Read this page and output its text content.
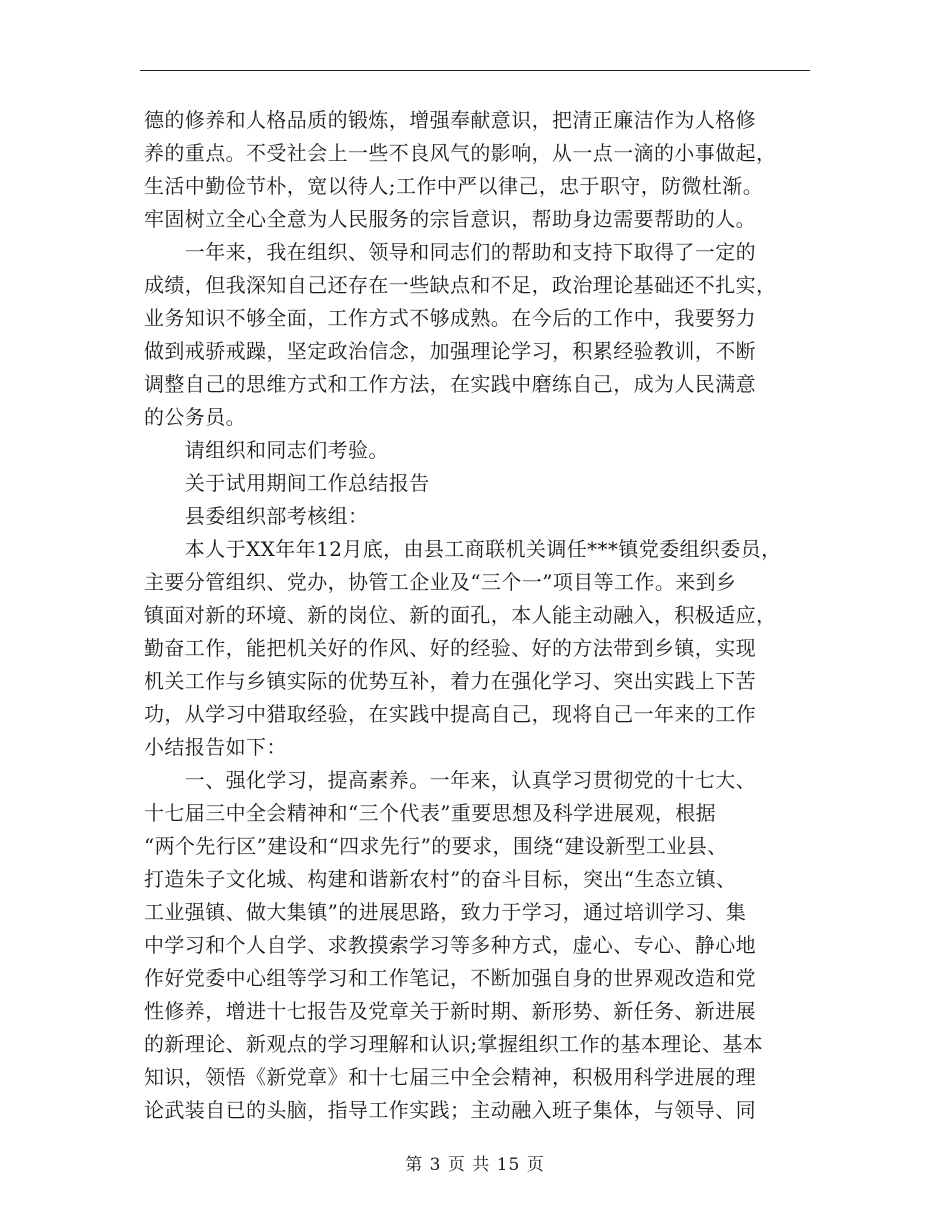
德的修养和人格品质的锻炼，增强奉献意识，把清正廉洁作为人格修
养的重点。不受社会上一些不良风气的影响，从一点一滴的小事做起，
生活中勤俭节朴，宽以待人;工作中严以律己，忠于职守，防微杜渐。
牢固树立全心全意为人民服务的宗旨意识，帮助身边需要帮助的人。
　　一年来，我在组织、领导和同志们的帮助和支持下取得了一定的
成绩，但我深知自己还存在一些缺点和不足，政治理论基础还不扎实，
业务知识不够全面，工作方式不够成熟。在今后的工作中，我要努力
做到戒骄戒躁，坚定政治信念，加强理论学习，积累经验教训，不断
调整自己的思维方式和工作方法，在实践中磨练自己，成为人民满意
的公务员。
　　请组织和同志们考验。
　　关于试用期间工作总结报告
　　县委组织部考核组：
　　本人于XX年年12月底，由县工商联机关调任***镇党委组织委员，
主要分管组织、党办，协管工企业及“三个一”项目等工作。来到乡
镇面对新的环境、新的岗位、新的面孔，本人能主动融入，积极适应，
勤奋工作，能把机关好的作风、好的经验、好的方法带到乡镇，实现
机关工作与乡镇实际的优势互补，着力在强化学习、突出实践上下苦
功，从学习中猎取经验，在实践中提高自己，现将自己一年来的工作
小结报告如下：
　　一、强化学习，提高素养。一年来，认真学习贯彻党的十七大、
十七届三中全会精神和“三个代表”重要思想及科学进展观，根据
“两个先行区”建设和“四求先行”的要求，围绕“建设新型工业县、
打造朱子文化城、构建和谐新农村”的奋斗目标，突出“生态立镇、
工业强镇、做大集镇”的进展思路，致力于学习，通过培训学习、集
中学习和个人自学、求教摸索学习等多种方式，虚心、专心、静心地
作好党委中心组等学习和工作笔记，不断加强自身的世界观改造和党
性修养，增进十七报告及党章关于新时期、新形势、新任务、新进展
的新理论、新观点的学习理解和认识;掌握组织工作的基本理论、基本
知识，领悟《新党章》和十七届三中全会精神，积极用科学进展的理
论武装自已的头脑，指导工作实践；主动融入班子集体，与领导、同
第 3 页 共 15 页
